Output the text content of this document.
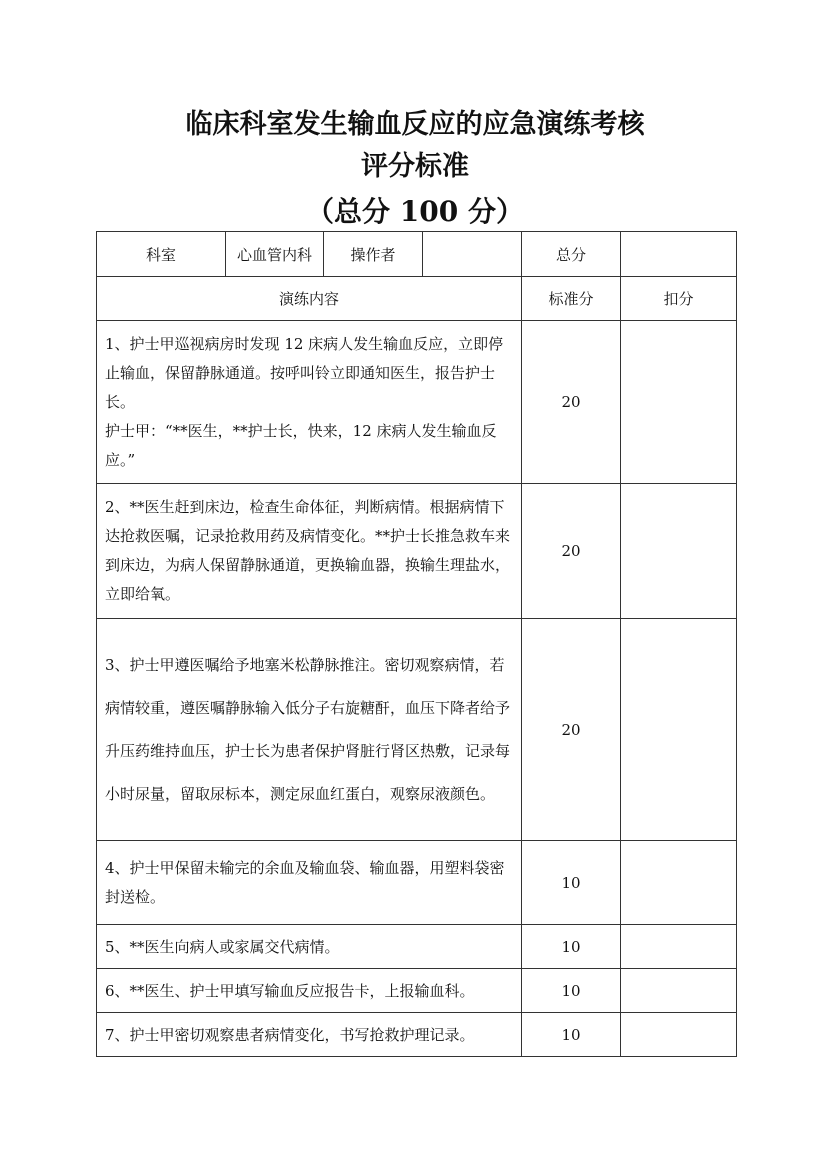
临床科室发生输血反应的应急演练考核
评分标准
（总分 100 分）
科室	心血管内科	操作者		总分	
演练内容				标准分	扣分

1、护士甲巡视病房时发现 12 床病人发生输血反应，立即停止输血，保留静脉通道。按呼叫铃立即通知医生，报告护士长。

护士甲：“**医生，**护士长，快来，12 床病人发生输血反应。”				20	

2、**医生赶到床边，检查生命体征，判断病情。根据病情下达抢救医嘱，记录抢救用药及病情变化。**护士长推急救车来到床边，为病人保留静脉通道，更换输血器，换输生理盐水，立即给氧。				20	

3、护士甲遵医嘱给予地塞米松静脉推注。密切观察病情，若病情较重，遵医嘱静脉输入低分子右旋糖酐，血压下降者给予升压药维持血压，护士长为患者保护肾脏行肾区热敷，记录每小时尿量，留取尿标本，测定尿血红蛋白，观察尿液颜色。				20	

4、护士甲保留未输完的余血及输血袋、输血器，用塑料袋密封送检。				10	

5、**医生向病人或家属交代病情。				10	

6、**医生、护士甲填写输血反应报告卡，上报输血科。				10	

7、护士甲密切观察患者病情变化，书写抢救护理记录。				10	
